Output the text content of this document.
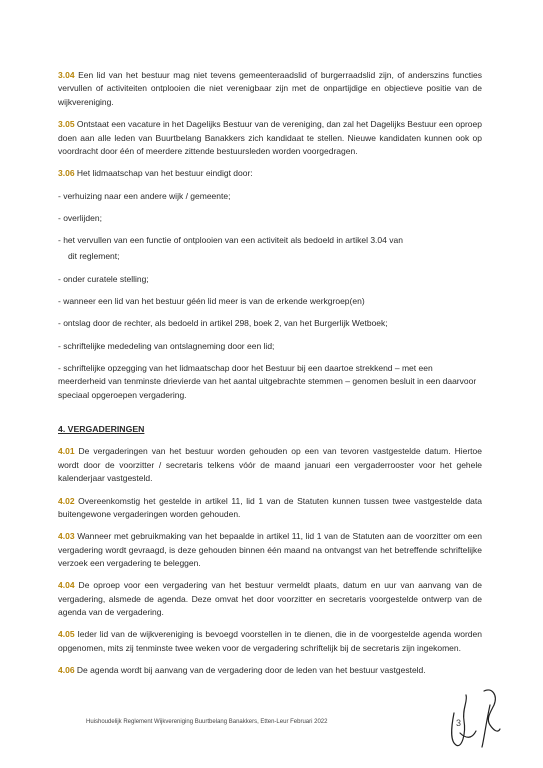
3.04 Een lid van het bestuur mag niet tevens gemeenteraadslid of burgerraadslid zijn, of anderszins functies vervullen of activiteiten ontplooien die niet verenigbaar zijn met de onpartijdige en objectieve positie van de wijkvereniging.

3.05 Ontstaat een vacature in het Dagelijks Bestuur van de vereniging, dan zal het Dagelijks Bestuur een oproep doen aan alle leden van Buurtbelang Banakkers zich kandidaat te stellen. Nieuwe kandidaten kunnen ook op voordracht door één of meerdere zittende bestuursleden worden voorgedragen.

3.06 Het lidmaatschap van het bestuur eindigt door:

- verhuizing naar een andere wijk / gemeente;
- overlijden;
- het vervullen van een functie of ontplooien van een activiteit als bedoeld in artikel 3.04 van
dit reglement;
- onder curatele stelling;
- wanneer een lid van het bestuur géén lid meer is van de erkende werkgroep(en)
- ontslag door de rechter, als bedoeld in artikel 298, boek 2, van het Burgerlijk Wetboek;
- schriftelijke mededeling van ontslagneming door een lid;
- schriftelijke opzegging van het lidmaatschap door het Bestuur bij een daartoe strekkend – met een meerderheid van tenminste drievierde van het aantal uitgebrachte stemmen – genomen besluit in een daarvoor speciaal opgeroepen vergadering.
4. VERGADERINGEN

4.01 De vergaderingen van het bestuur worden gehouden op een van tevoren vastgestelde datum. Hiertoe wordt door de voorzitter / secretaris telkens vóór de maand januari een vergaderrooster voor het gehele kalenderjaar vastgesteld.

4.02 Overeenkomstig het gestelde in artikel 11, lid 1 van de Statuten kunnen tussen twee vastgestelde data buitengewone vergaderingen worden gehouden.

4.03 Wanneer met gebruikmaking van het bepaalde in artikel 11, lid 1 van de Statuten aan de voorzitter om een vergadering wordt gevraagd, is deze gehouden binnen één maand na ontvangst van het betreffende schriftelijke verzoek een vergadering te beleggen.

4.04 De oproep voor een vergadering van het bestuur vermeldt plaats, datum en uur van aanvang van de vergadering, alsmede de agenda. Deze omvat het door voorzitter en secretaris voorgestelde ontwerp van de agenda van de vergadering.

4.05 Ieder lid van de wijkvereniging is bevoegd voorstellen in te dienen, die in de voorgestelde agenda worden opgenomen, mits zij tenminste twee weken voor de vergadering schriftelijk bij de secretaris zijn ingekomen.

4.06 De agenda wordt bij aanvang van de vergadering door de leden van het bestuur vastgesteld.

Huishoudelijk Reglement Wijkvereniging Buurtbelang Banakkers, Etten-Leur Februari 2022	3
